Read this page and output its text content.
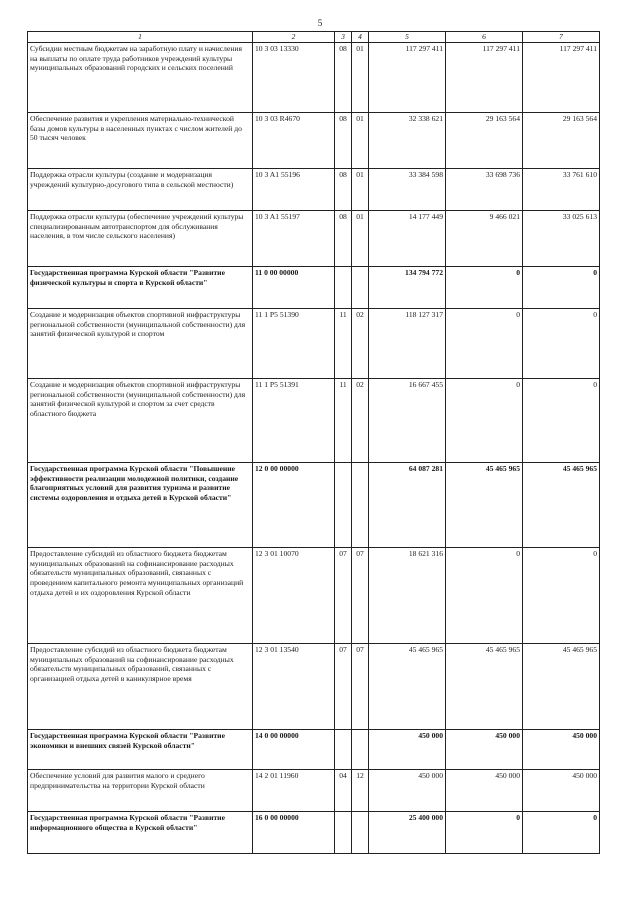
5
1	2	3	4	5	6	7
Субсидии местным бюджетам на заработную плату и начисления на выплаты по оплате труда работников учреждений культуры муниципальных образований городских и сельских поселений	10 3 03 13330	08	01	117 297 411	117 297 411	117 297 411
Обеспечение развития и укрепления материально-технической базы домов культуры в населенных пунктах с числом жителей до 50 тысяч человек	10 3 03 R4670	08	01	32 338 621	29 163 564	29 163 564
Поддержка отрасли культуры (создание и модернизация учреждений культурно-досугового типа в сельской местности)	10 3 A1 55196	08	01	33 384 598	33 698 736	33 761 610
Поддержка отрасли культуры (обеспечение учреждений культуры специализированным автотранспортом для обслуживания населения, в том числе сельского населения)	10 3 A1 55197	08	01	14 177 449	9 466 021	33 025 613
Государственная программа Курской области "Развитие физической культуры и спорта в Курской области"	11 0 00 00000			134 794 772	0	0
Создание и модернизация объектов спортивной инфраструктуры региональной собственности (муниципальной собственности) для занятий физической культурой и спортом	11 1 P5 51390	11	02	118 127 317	0	0
Создание и модернизация объектов спортивной инфраструктуры региональной собственности (муниципальной собственности) для занятий физической культурой и спортом за счет средств областного бюджета	11 1 P5 51391	11	02	16 667 455	0	0
Государственная программа Курской области "Повышение эффективности реализации молодежной политики, создание благоприятных условий для развития туризма и развитие системы оздоровления и отдыха детей в Курской области"	12 0 00 00000			64 087 281	45 465 965	45 465 965
Предоставление субсидий из областного бюджета бюджетам муниципальных образований на софинансирование расходных обязательств муниципальных образований, связанных с проведением капитального ремонта муниципальных организаций отдыха детей и их оздоровления Курской области	12 3 01 10070	07	07	18 621 316	0	0
Предоставление субсидий из областного бюджета бюджетам муниципальных образований на софинансирование расходных обязательств муниципальных образований, связанных с организацией отдыха детей в каникулярное время	12 3 01 13540	07	07	45 465 965	45 465 965	45 465 965
Государственная программа Курской области "Развитие экономики и внешних связей Курской области"	14 0 00 00000			450 000	450 000	450 000
Обеспечение условий для развития малого и среднего предпринимательства на территории Курской области	14 2 01 11960	04	12	450 000	450 000	450 000
Государственная программа Курской области "Развитие информационного общества в Курской области"	16 0 00 00000			25 400 000	0	0
